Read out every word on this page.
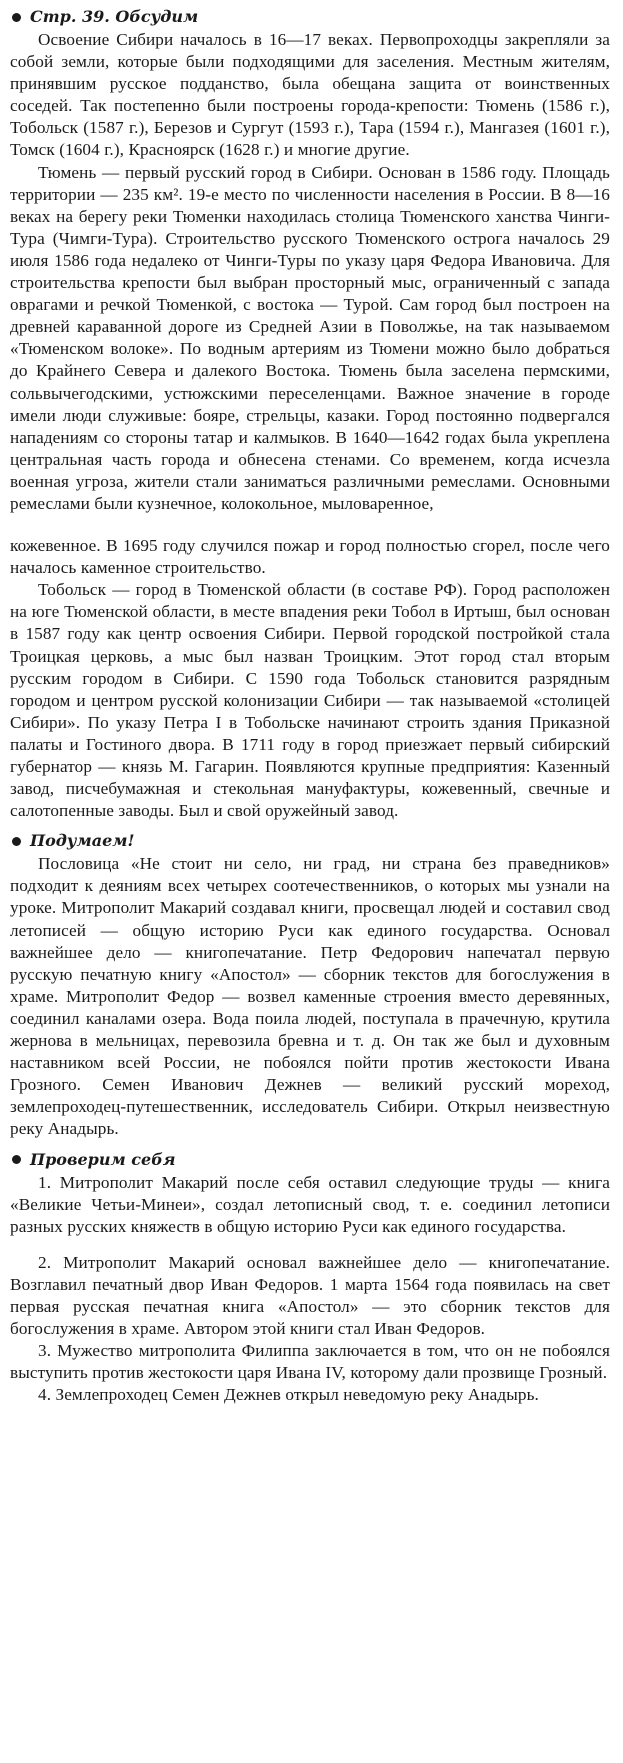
Стр. 39. Обсудим

Освоение Сибири началось в 16—17 веках. Первопроходцы закрепляли за собой земли, которые были подходящими для заселения. Местным жителям, принявшим русское подданство, была обещана защита от воинственных соседей. Так постепенно были построены города-крепости: Тюмень (1586 г.), Тобольск (1587 г.), Березов и Сургут (1593 г.), Тара (1594 г.), Мангазея (1601 г.), Томск (1604 г.), Красноярск (1628 г.) и многие другие.

Тюмень — первый русский город в Сибири. Основан в 1586 году. Площадь территории — 235 км². 19-е место по численности населения в России. В 8—16 веках на берегу реки Тюменки находилась столица Тюменского ханства Чинги-Тура (Чимги-Тура). Строительство русского Тюменского острога началось 29 июля 1586 года недалеко от Чинги-Туры по указу царя Федора Ивановича. Для строительства крепости был выбран просторный мыс, ограниченный с запада оврагами и речкой Тюменкой, с востока — Турой. Сам город был построен на древней караванной дороге из Средней Азии в Поволжье, на так называемом «Тюменском волоке». По водным артериям из Тюмени можно было добраться до Крайнего Севера и далекого Востока. Тюмень была заселена пермскими, сольвычегодскими, устюжскими переселенцами. Важное значение в городе имели люди служивые: бояре, стрельцы, казаки. Город постоянно подвергался нападениям со стороны татар и калмыков. В 1640—1642 годах была укреплена центральная часть города и обнесена стенами. Со временем, когда исчезла военная угроза, жители стали заниматься различными ремеслами. Основными ремеслами были кузнечное, колокольное, мыловаренное,

кожевенное. В 1695 году случился пожар и город полностью сгорел, после чего началось каменное строительство.

Тобольск — город в Тюменской области (в составе РФ). Город расположен на юге Тюменской области, в месте впадения реки Тобол в Иртыш, был основан в 1587 году как центр освоения Сибири. Первой городской постройкой стала Троицкая церковь, а мыс был назван Троицким. Этот город стал вторым русским городом в Сибири. С 1590 года Тобольск становится разрядным городом и центром русской колонизации Сибири — так называемой «столицей Сибири». По указу Петра I в Тобольске начинают строить здания Приказной палаты и Гостиного двора. В 1711 году в город приезжает первый сибирский губернатор — князь М. Гагарин. Появляются крупные предприятия: Казенный завод, писчебумажная и стекольная мануфактуры, кожевенный, свечные и салотопенные заводы. Был и свой оружейный завод.

Подумаем!

Пословица «Не стоит ни село, ни град, ни страна без праведников» подходит к деяниям всех четырех соотечественников, о которых мы узнали на уроке. Митрополит Макарий создавал книги, просвещал людей и составил свод летописей — общую историю Руси как единого государства. Основал важнейшее дело — книгопечатание. Петр Федорович напечатал первую русскую печатную книгу «Апостол» — сборник текстов для богослужения в храме. Митрополит Федор — возвел каменные строения вместо деревянных, соединил каналами озера. Вода поила людей, поступала в прачечную, крутила жернова в мельницах, перевозила бревна и т. д. Он так же был и духовным наставником всей России, не побоялся пойти против жестокости Ивана Грозного. Семен Иванович Дежнев — великий русский мореход, землепроходец-путешественник, исследователь Сибири. Открыл неизвестную реку Анадырь.

Проверим себя

1. Митрополит Макарий после себя оставил следующие труды — книга «Великие Четьи-Минеи», создал летописный свод, т. е. соединил летописи разных русских княжеств в общую историю Руси как единого государства.

2. Митрополит Макарий основал важнейшее дело — книгопечатание. Возглавил печатный двор Иван Федоров. 1 марта 1564 года появилась на свет первая русская печатная книга «Апостол» — это сборник текстов для богослужения в храме. Автором этой книги стал Иван Федоров.

3. Мужество митрополита Филиппа заключается в том, что он не побоялся выступить против жестокости царя Ивана IV, которому дали прозвище Грозный.

4. Землепроходец Семен Дежнев открыл неведомую реку Анадырь.
